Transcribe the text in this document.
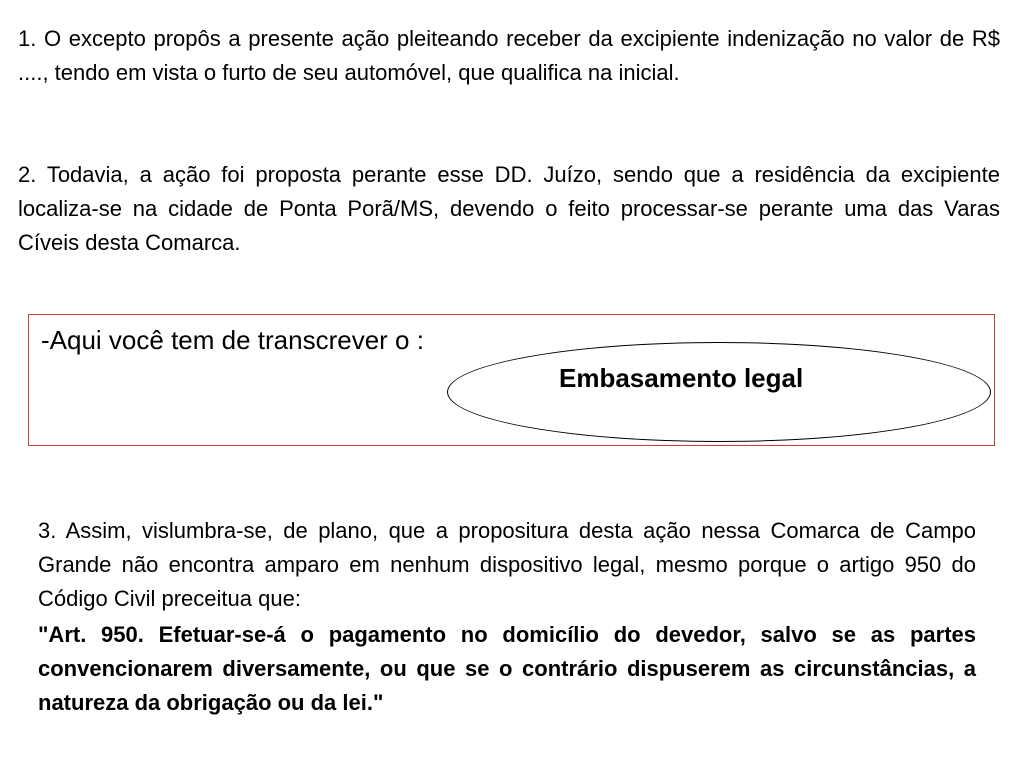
1. O excepto propôs a presente ação pleiteando receber da excipiente indenização no valor de R$ ...., tendo em vista o furto de seu automóvel, que qualifica na inicial.

2. Todavia, a ação foi proposta perante esse DD. Juízo, sendo que a residência da excipiente localiza-se na cidade de Ponta Porã/MS, devendo o feito processar-se perante uma das Varas Cíveis desta Comarca.

-Aqui você tem de transcrever o :
Embasamento legal

3. Assim, vislumbra-se, de plano, que a propositura desta ação nessa Comarca de Campo Grande não encontra amparo em nenhum dispositivo legal, mesmo porque o artigo 950 do Código Civil preceitua que:

"Art. 950. Efetuar-se-á o pagamento no domicílio do devedor, salvo se as partes convencionarem diversamente, ou que se o contrário dispuserem as circunstâncias, a natureza da obrigação ou da lei."
